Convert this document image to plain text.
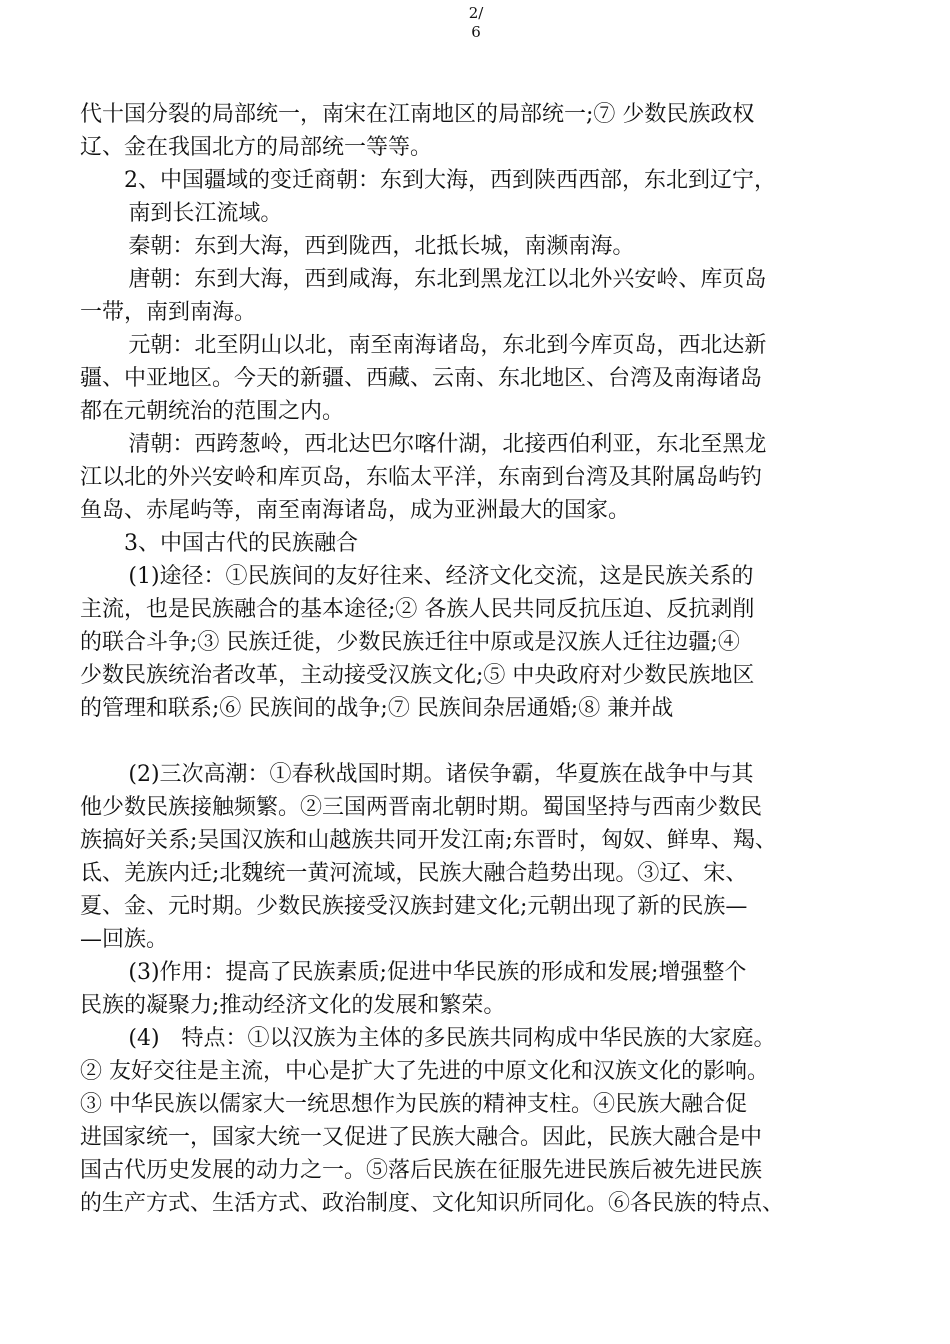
2/
6
代十国分裂的局部统一，南宋在江南地区的局部统一;⑦ 少数民族政权
辽、金在我国北方的局部统一等等。
2、中国疆域的变迁商朝：东到大海，西到陕西西部，东北到辽宁，
南到长江流域。
秦朝：东到大海，西到陇西，北抵长城，南濒南海。
唐朝：东到大海，西到咸海，东北到黑龙江以北外兴安岭、库页岛
一带，南到南海。
元朝：北至阴山以北，南至南海诸岛，东北到今库页岛，西北达新
疆、中亚地区。今天的新疆、西藏、云南、东北地区、台湾及南海诸岛
都在元朝统治的范围之内。
清朝：西跨葱岭，西北达巴尔喀什湖，北接西伯利亚，东北至黑龙
江以北的外兴安岭和库页岛，东临太平洋，东南到台湾及其附属岛屿钓
鱼岛、赤尾屿等，南至南海诸岛，成为亚洲最大的国家。
3、中国古代的民族融合
(1)途径：①民族间的友好往来、经济文化交流，这是民族关系的
主流，也是民族融合的基本途径;② 各族人民共同反抗压迫、反抗剥削
的联合斗争;③ 民族迁徙，少数民族迁往中原或是汉族人迁往边疆;④
少数民族统治者改革，主动接受汉族文化;⑤ 中央政府对少数民族地区
的管理和联系;⑥ 民族间的战争;⑦ 民族间杂居通婚;⑧ 兼并战
(2)三次高潮：①春秋战国时期。诸侯争霸，华夏族在战争中与其
他少数民族接触频繁。②三国两晋南北朝时期。蜀国坚持与西南少数民
族搞好关系;吴国汉族和山越族共同开发江南;东晋时，匈奴、鲜卑、羯、
氐、羌族内迁;北魏统一黄河流域，民族大融合趋势出现。③辽、宋、
夏、金、元时期。少数民族接受汉族封建文化;元朝出现了新的民族—
—回族。
(3)作用：提高了民族素质;促进中华民族的形成和发展;增强整个
民族的凝聚力;推动经济文化的发展和繁荣。
(4)　特点：①以汉族为主体的多民族共同构成中华民族的大家庭。
② 友好交往是主流，中心是扩大了先进的中原文化和汉族文化的影响。
③ 中华民族以儒家大一统思想作为民族的精神支柱。④民族大融合促
进国家统一，国家大统一又促进了民族大融合。因此，民族大融合是中
国古代历史发展的动力之一。⑤落后民族在征服先进民族后被先进民族
的生产方式、生活方式、政治制度、文化知识所同化。⑥各民族的特点、
